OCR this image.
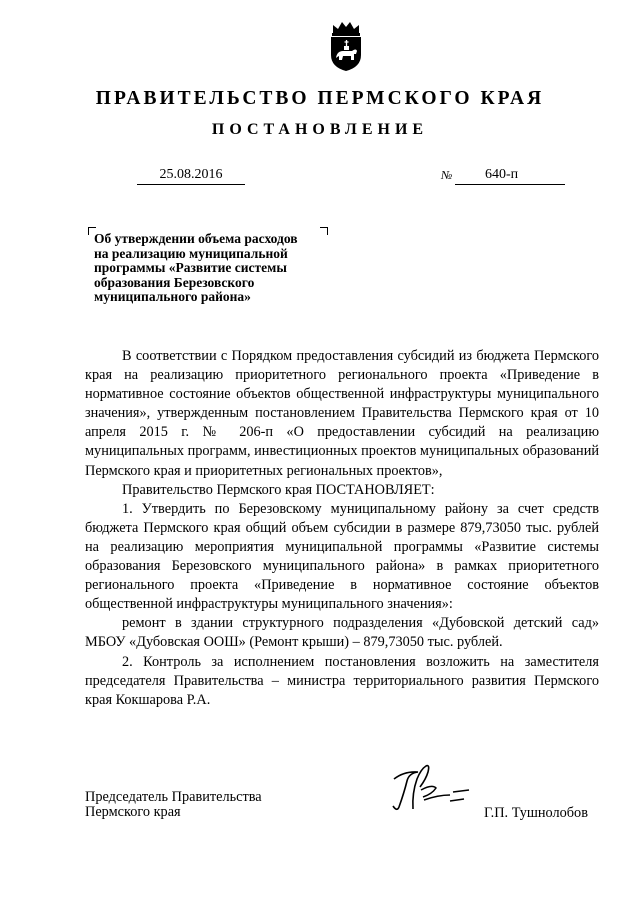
ПРАВИТЕЛЬСТВО ПЕРМСКОГО КРАЯ
ПОСТАНОВЛЕНИЕ
25.08.2016	№ 640-п
Об утверждении объема расходов
на реализацию муниципальной
программы «Развитие системы
образования Березовского
муниципального района»

В соответствии с Порядком предоставления субсидий из бюджета Пермского края на реализацию приоритетного регионального проекта «Приведение в нормативное состояние объектов общественной инфраструктуры муниципального значения», утвержденным постановлением Правительства Пермского края от 10 апреля 2015 г. № 206-п «О предоставлении субсидий на реализацию муниципальных программ, инвестиционных проектов муниципальных образований Пермского края и приоритетных региональных проектов»,

Правительство Пермского края ПОСТАНОВЛЯЕТ:

1. Утвердить по Березовскому муниципальному району за счет средств бюджета Пермского края общий объем субсидии в размере 879,73050 тыс. рублей на реализацию мероприятия муниципальной программы «Развитие системы образования Березовского муниципального района» в рамках приоритетного регионального проекта «Приведение в нормативное состояние объектов общественной инфраструктуры муниципального значения»:

ремонт в здании структурного подразделения «Дубовской детский сад» МБОУ «Дубовская ООШ» (Ремонт крыши) – 879,73050 тыс. рублей.

2. Контроль за исполнением постановления возложить на заместителя председателя Правительства – министра территориального развития Пермского края Кокшарова Р.А.

Председатель Правительства
Пермского края	Г.П. Тушнолобов
